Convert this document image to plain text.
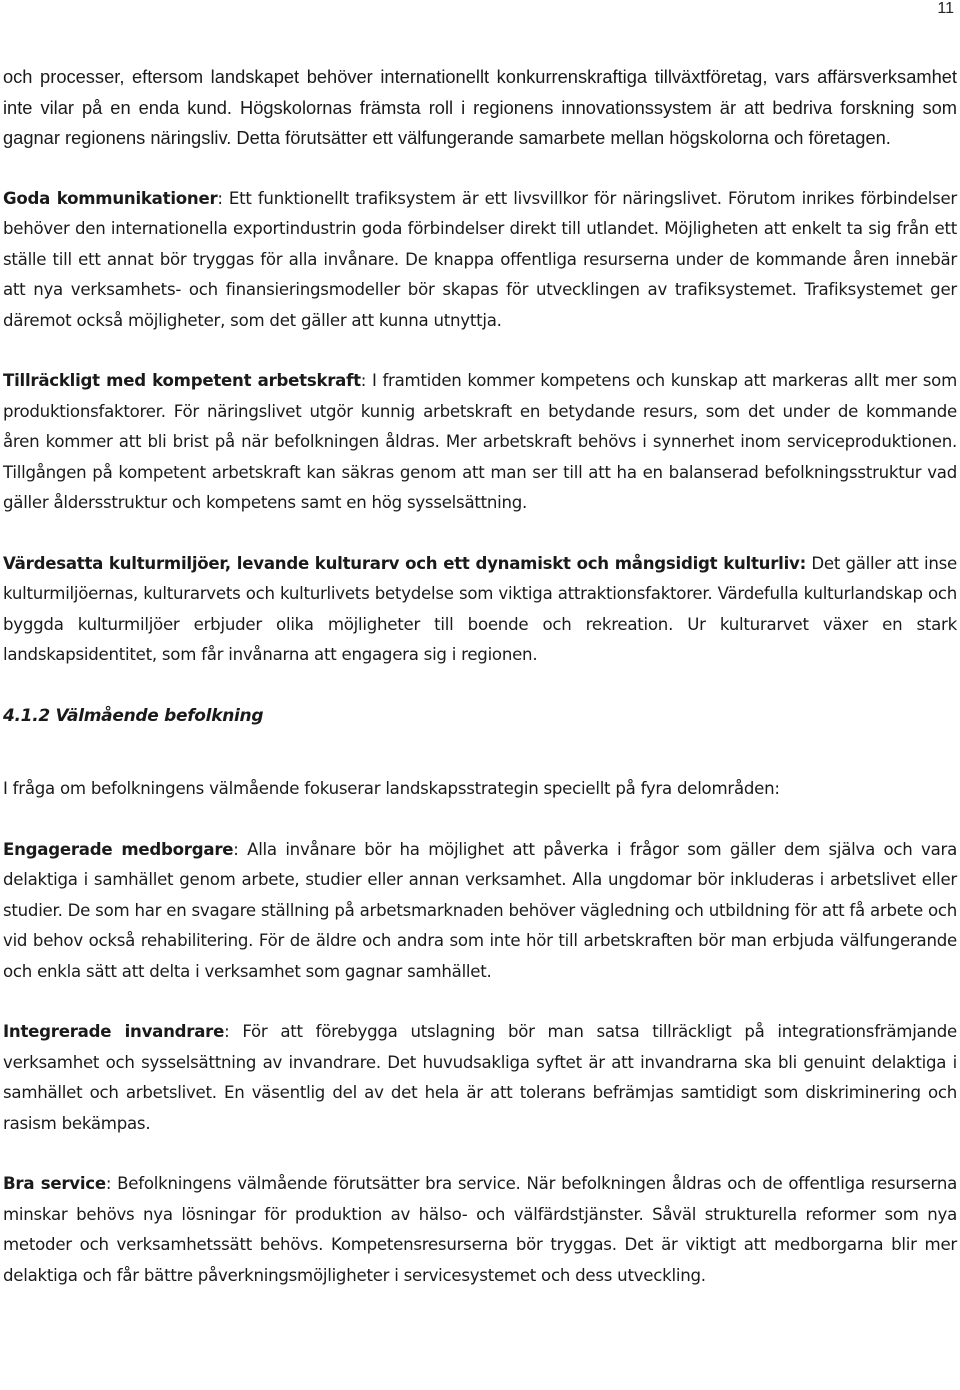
11

och processer, eftersom landskapet behöver internationellt konkurrenskraftiga tillväxtföretag, vars affärsverksamhet inte vilar på en enda kund. Högskolornas främsta roll i regionens innovationssystem är att bedriva forskning som gagnar regionens näringsliv. Detta förutsätter ett välfungerande samarbete mellan högskolorna och företagen.

Goda kommunikationer: Ett funktionellt trafiksystem är ett livsvillkor för näringslivet. Förutom inrikes förbindelser behöver den internationella exportindustrin goda förbindelser direkt till utlandet. Möjligheten att enkelt ta sig från ett ställe till ett annat bör tryggas för alla invånare. De knappa offentliga resurserna under de kommande åren innebär att nya verksamhets- och finansieringsmodeller bör skapas för utvecklingen av trafiksystemet. Trafiksystemet ger däremot också möjligheter, som det gäller att kunna utnyttja.

Tillräckligt med kompetent arbetskraft: I framtiden kommer kompetens och kunskap att markeras allt mer som produktionsfaktorer. För näringslivet utgör kunnig arbetskraft en betydande resurs, som det under de kommande åren kommer att bli brist på när befolkningen åldras. Mer arbetskraft behövs i synnerhet inom serviceproduktionen. Tillgången på kompetent arbetskraft kan säkras genom att man ser till att ha en balanserad befolkningsstruktur vad gäller åldersstruktur och kompetens samt en hög sysselsättning.

Värdesatta kulturmiljöer, levande kulturarv och ett dynamiskt och mångsidigt kulturliv: Det gäller att inse kulturmiljöernas, kulturarvets och kulturlivets betydelse som viktiga attraktionsfaktorer. Värdefulla kulturlandskap och byggda kulturmiljöer erbjuder olika möjligheter till boende och rekreation. Ur kulturarvet växer en stark landskapsidentitet, som får invånarna att engagera sig i regionen.

4.1.2 Välmående befolkning

I fråga om befolkningens välmående fokuserar landskapsstrategin speciellt på fyra delområden:

Engagerade medborgare: Alla invånare bör ha möjlighet att påverka i frågor som gäller dem själva och vara delaktiga i samhället genom arbete, studier eller annan verksamhet. Alla ungdomar bör inkluderas i arbetslivet eller studier. De som har en svagare ställning på arbetsmarknaden behöver vägledning och utbildning för att få arbete och vid behov också rehabilitering. För de äldre och andra som inte hör till arbetskraften bör man erbjuda välfungerande och enkla sätt att delta i verksamhet som gagnar samhället.

Integrerade invandrare: För att förebygga utslagning bör man satsa tillräckligt på integrationsfrämjande verksamhet och sysselsättning av invandrare. Det huvudsakliga syftet är att invandrarna ska bli genuint delaktiga i samhället och arbetslivet. En väsentlig del av det hela är att tolerans befrämjas samtidigt som diskriminering och rasism bekämpas.

Bra service: Befolkningens välmående förutsätter bra service. När befolkningen åldras och de offentliga resurserna minskar behövs nya lösningar för produktion av hälso- och välfärdstjänster. Såväl strukturella reformer som nya metoder och verksamhetssätt behövs. Kompetensresurserna bör tryggas. Det är viktigt att medborgarna blir mer delaktiga och får bättre påverkningsmöjligheter i servicesystemet och dess utveckling.
